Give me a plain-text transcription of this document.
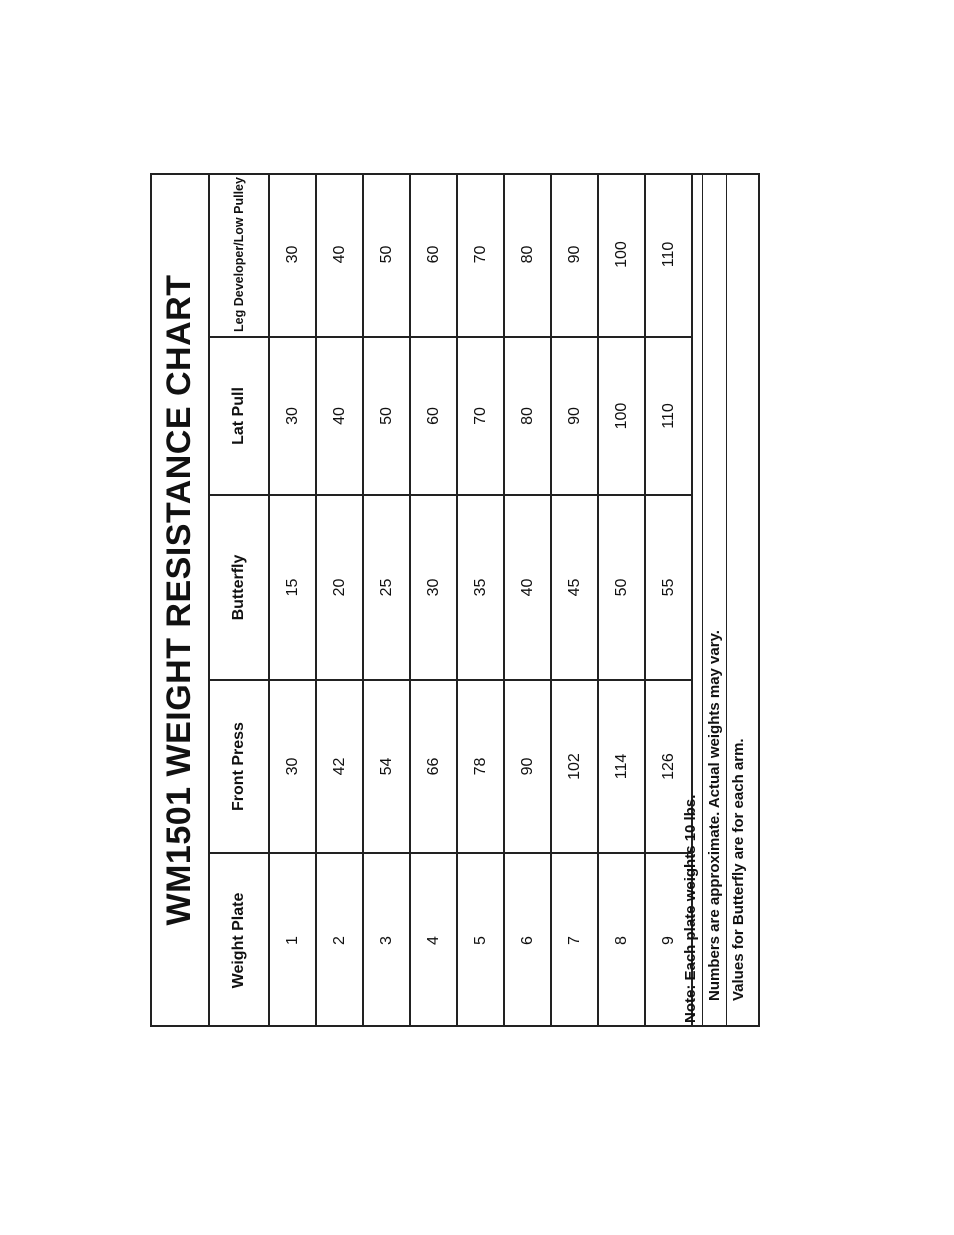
WM1501 WEIGHT RESISTANCE CHART
Weight Plate	Front Press	Butterfly	Lat Pull	Leg Developer/Low Pulley
1	30	15	30	30
2	42	20	40	40
3	54	25	50	50
4	66	30	60	60
5	78	35	70	70
6	90	40	80	80
7	102	45	90	90
8	114	50	100	100
9	126	55	110	110
Note: Each plate weights 10 lbs. Numbers are approximate. Actual weights may vary. Values for Butterfly are for each arm.
